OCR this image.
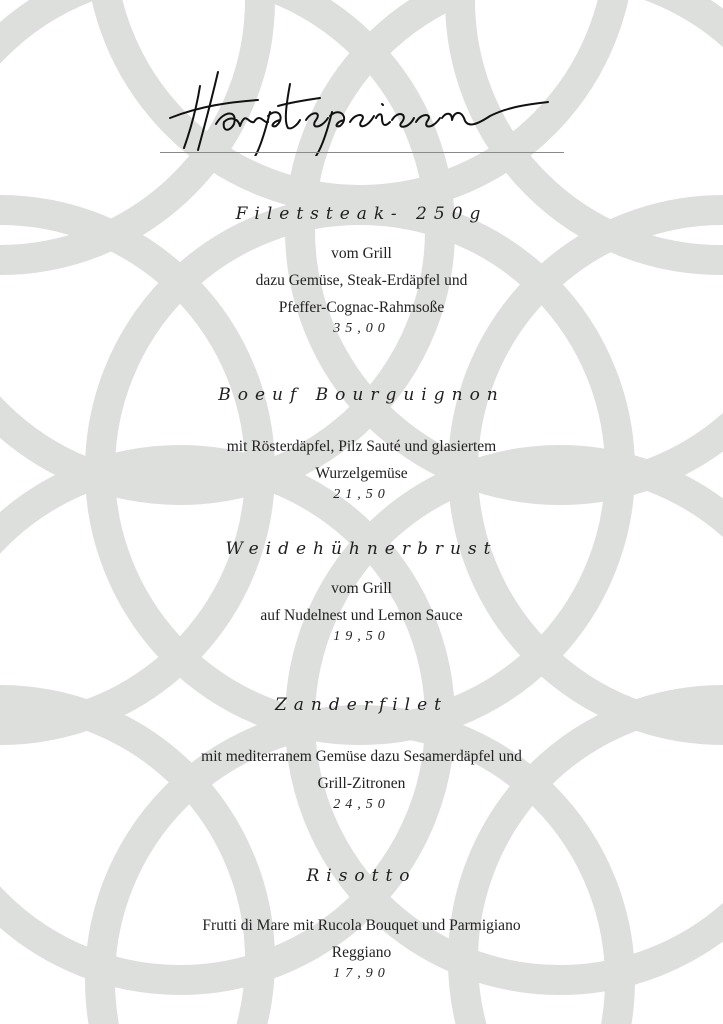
Filetsteak- 250g

vom Grill

dazu Gemüse, Steak-Erdäpfel und

Pfeffer-Cognac-Rahmsoße

35,00

Boeuf Bourguignon

mit Rösterdäpfel, Pilz Sauté und glasiertem

Wurzelgemüse

21,50

Weidehühnerbrust

vom Grill

auf Nudelnest und Lemon Sauce

19,50

Zanderfilet

mit mediterranem Gemüse dazu Sesamerdäpfel und

Grill-Zitronen

24,50

Risotto

Frutti di Mare mit Rucola Bouquet und Parmigiano

Reggiano

17,90
